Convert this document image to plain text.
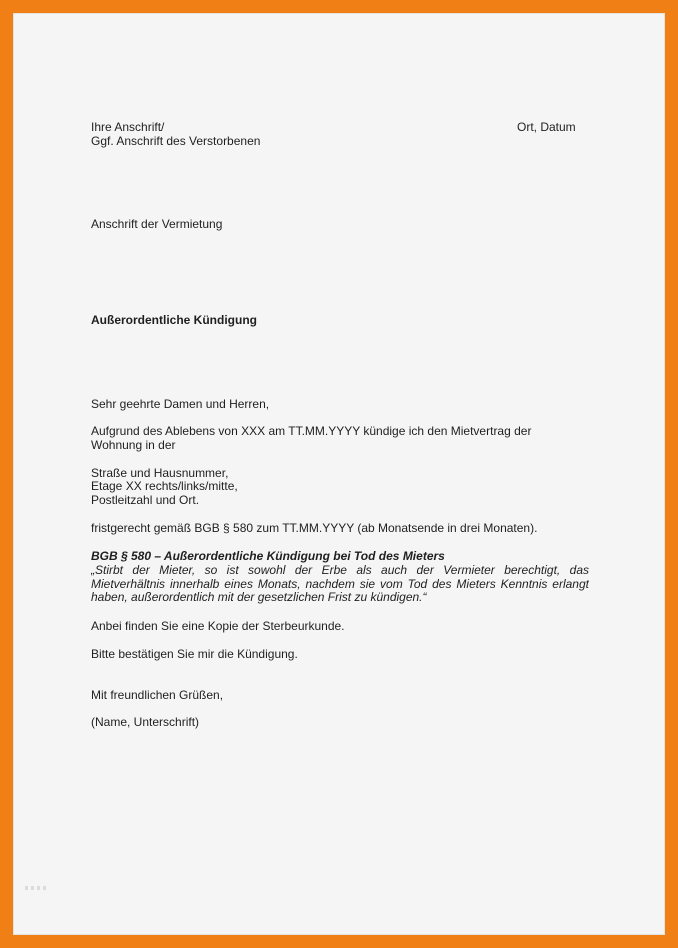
Ihre Anschrift/
Ggf. Anschrift des Verstorbenen
Ort, Datum
Anschrift der Vermietung
Außerordentliche Kündigung
Sehr geehrte Damen und Herren,
Aufgrund des Ablebens von XXX am TT.MM.YYYY kündige ich den Mietvertrag der
Wohnung in der
Straße und Hausnummer,
Etage XX rechts/links/mitte,
Postleitzahl und Ort.
fristgerecht gemäß BGB § 580 zum TT.MM.YYYY (ab Monatsende in drei Monaten).
BGB § 580 – Außerordentliche Kündigung bei Tod des Mieters
„Stirbt der Mieter, so ist sowohl der Erbe als auch der Vermieter berechtigt, das
Mietverhältnis innerhalb eines Monats, nachdem sie vom Tod des Mieters Kenntnis erlangt
haben, außerordentlich mit der gesetzlichen Frist zu kündigen.“
Anbei finden Sie eine Kopie der Sterbeurkunde.
Bitte bestätigen Sie mir die Kündigung.
Mit freundlichen Grüßen,
(Name, Unterschrift)
